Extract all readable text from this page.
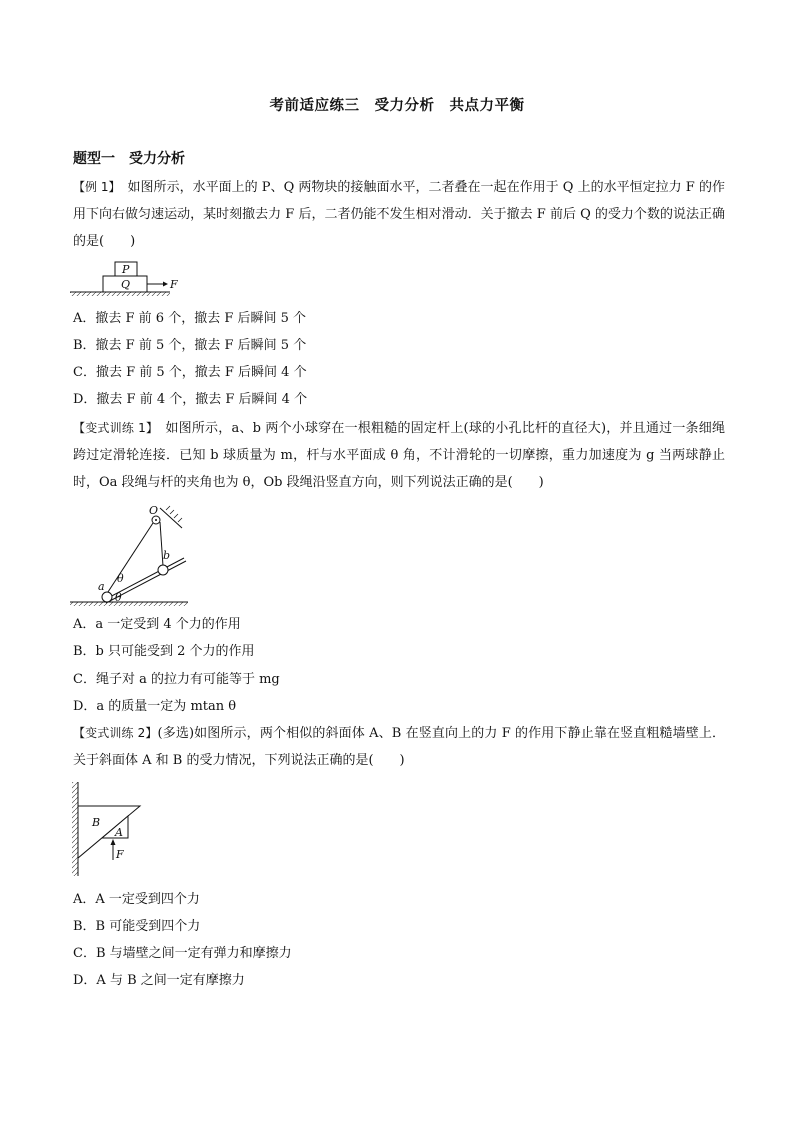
考前适应练三　受力分析　共点力平衡
题型一　受力分析
【例 1】　如图所示，水平面上的 P、Q 两物块的接触面水平，二者叠在一起在作用于 Q 上的水平恒定拉力 F 的作用下向右做匀速运动，某时刻撤去力 F 后，二者仍能不发生相对滑动．关于撤去 F 前后 Q 的受力个数的说法正确的是(　　)
P
Q	F
A．撤去 F 前 6 个，撤去 F 后瞬间 5 个
B．撤去 F 前 5 个，撤去 F 后瞬间 5 个
C．撤去 F 前 5 个，撤去 F 后瞬间 4 个
D．撤去 F 前 4 个，撤去 F 后瞬间 4 个
【变式训练 1】　如图所示，a、b 两个小球穿在一根粗糙的固定杆上(球的小孔比杆的直径大)，并且通过一条细绳跨过定滑轮连接．已知 b 球质量为 m，杆与水平面成 θ 角，不计滑轮的一切摩擦，重力加速度为 g 当两球静止时，Oa 段绳与杆的夹角也为 θ，Ob 段绳沿竖直方向，则下列说法正确的是(　　)
O
a
b
θ
θ
A．a 一定受到 4 个力的作用
B．b 只可能受到 2 个力的作用
C．绳子对 a 的拉力有可能等于 mg
D．a 的质量一定为 mtan θ
【变式训练 2】(多选)如图所示，两个相似的斜面体 A、B 在竖直向上的力 F 的作用下静止靠在竖直粗糙墙壁上．关于斜面体 A 和 B 的受力情况，下列说法正确的是(　　)
B
A
F
A．A 一定受到四个力
B．B 可能受到四个力
C．B 与墙壁之间一定有弹力和摩擦力
D．A 与 B 之间一定有摩擦力
